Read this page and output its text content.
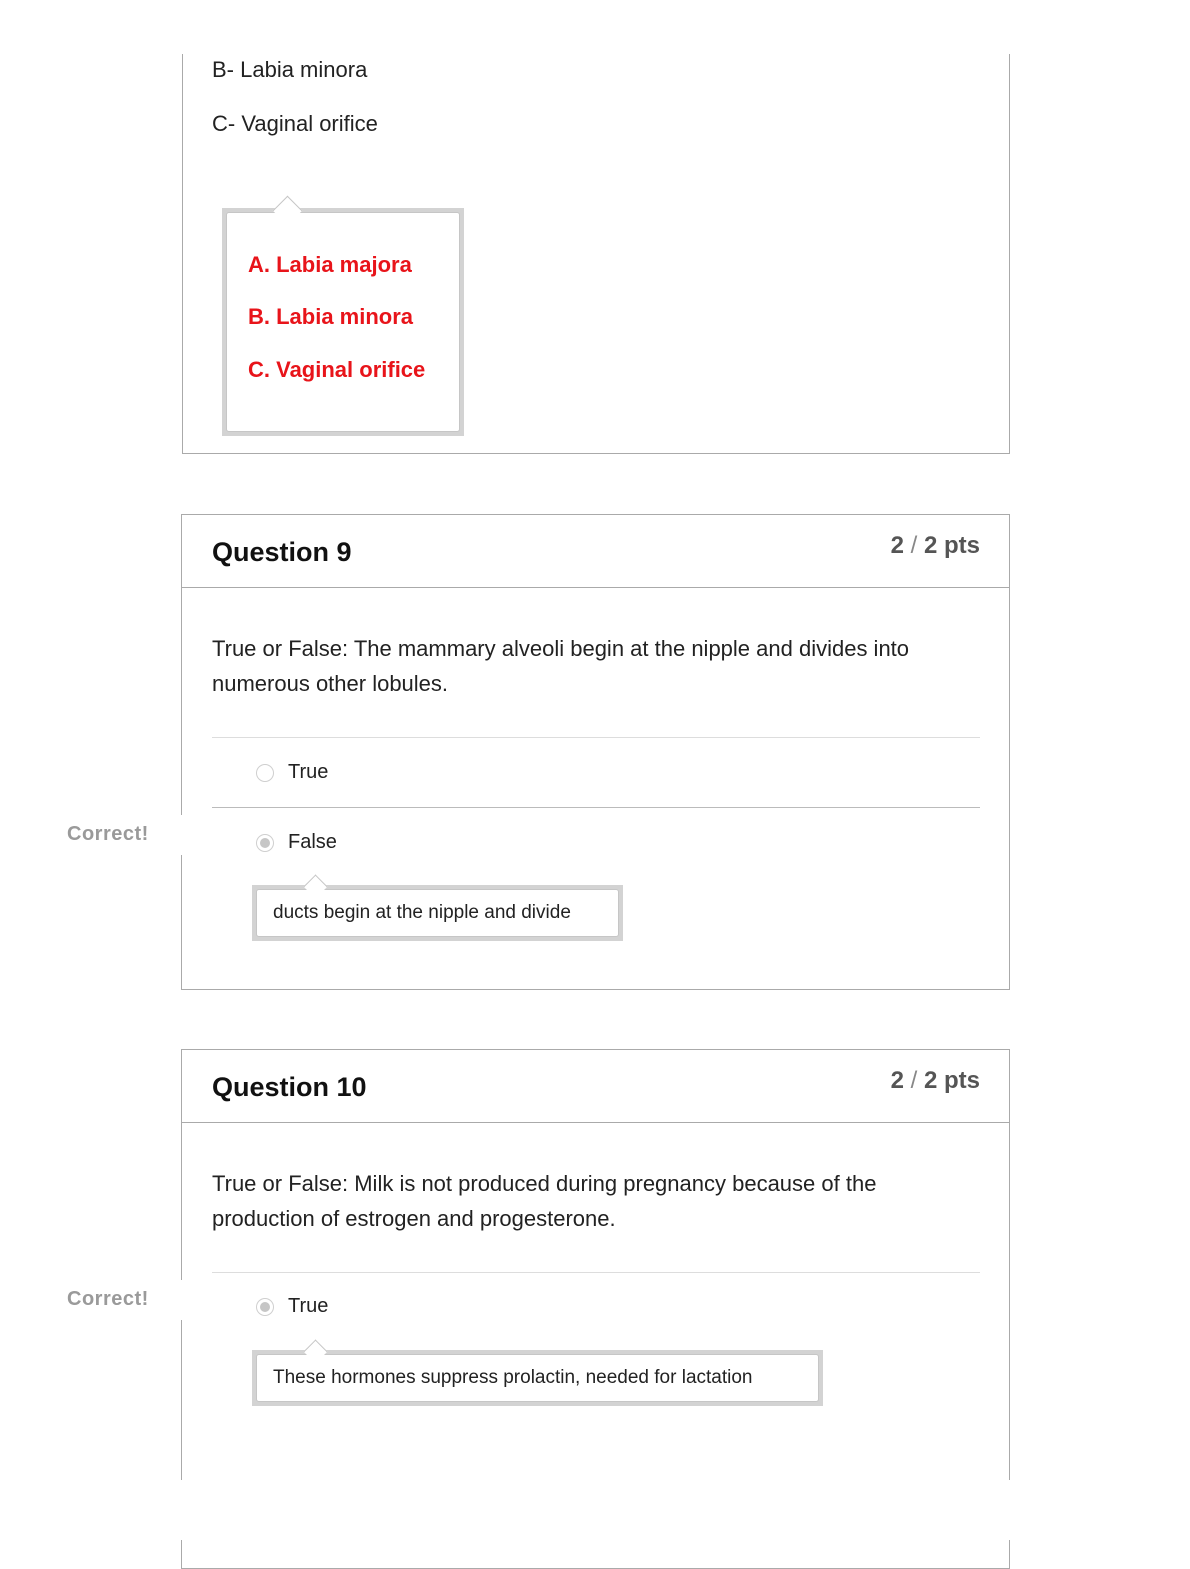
B- Labia minora
C- Vaginal orifice
A. Labia majora
B. Labia minora
C. Vaginal orifice
Question 9	2 / 2 pts
True or False: The mammary alveoli begin at the nipple and divides into
numerous other lobules.
True
False
ducts begin at the nipple and divide
Correct!
Question 10	2 / 2 pts
True or False: Milk is not produced during pregnancy because of the
production of estrogen and progesterone.
True
These hormones suppress prolactin, needed for lactation
Correct!
